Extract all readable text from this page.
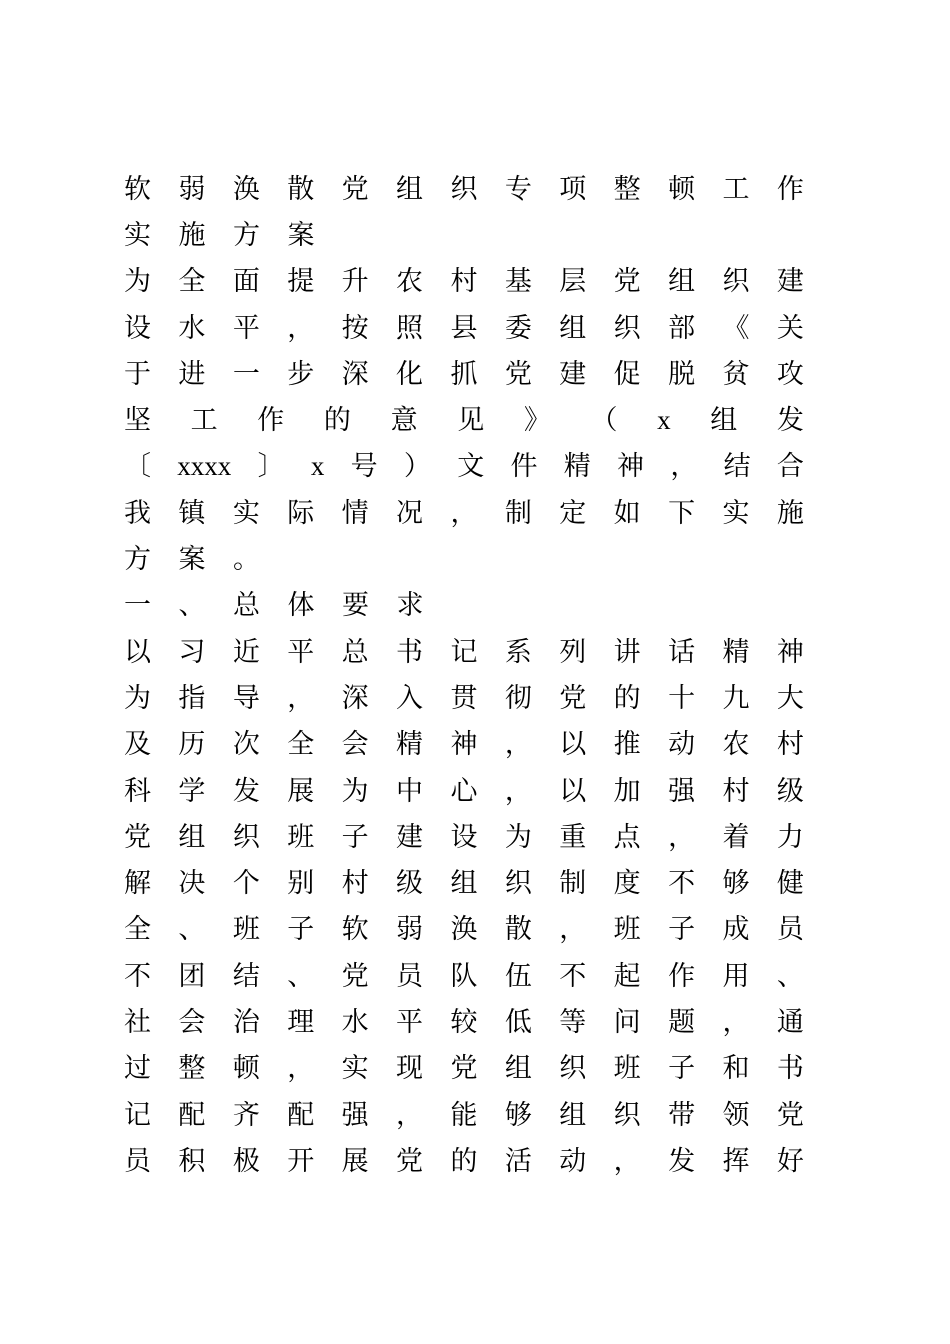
软 弱 涣 散 党 组 织 专 项 整 顿 工 作
实 施 方 案
为 全 面 提 升 农 村 基 层 党 组 织 建
设 水 平 ， 按 照 县 委 组 织 部 《 关
于 进 一 步 深 化 抓 党 建 促 脱 贫 攻
坚 工 作 的 意 见 》 （ x 组 发
〔 xxxx 〕 x 号 ） 文 件 精 神 ， 结 合
我 镇 实 际 情 况 ， 制 定 如 下 实 施
方 案 。
一 、 总 体 要 求
以 习 近 平 总 书 记 系 列 讲 话 精 神
为 指 导 ， 深 入 贯 彻 党 的 十 九 大
及 历 次 全 会 精 神 ， 以 推 动 农 村
科 学 发 展 为 中 心 ， 以 加 强 村 级
党 组 织 班 子 建 设 为 重 点 ， 着 力
解 决 个 别 村 级 组 织 制 度 不 够 健
全 、 班 子 软 弱 涣 散 ， 班 子 成 员
不 团 结 、 党 员 队 伍 不 起 作 用 、
社 会 治 理 水 平 较 低 等 问 题 ， 通
过 整 顿 ， 实 现 党 组 织 班 子 和 书
记 配 齐 配 强 ， 能 够 组 织 带 领 党
员 积 极 开 展 党 的 活 动 ， 发 挥 好
